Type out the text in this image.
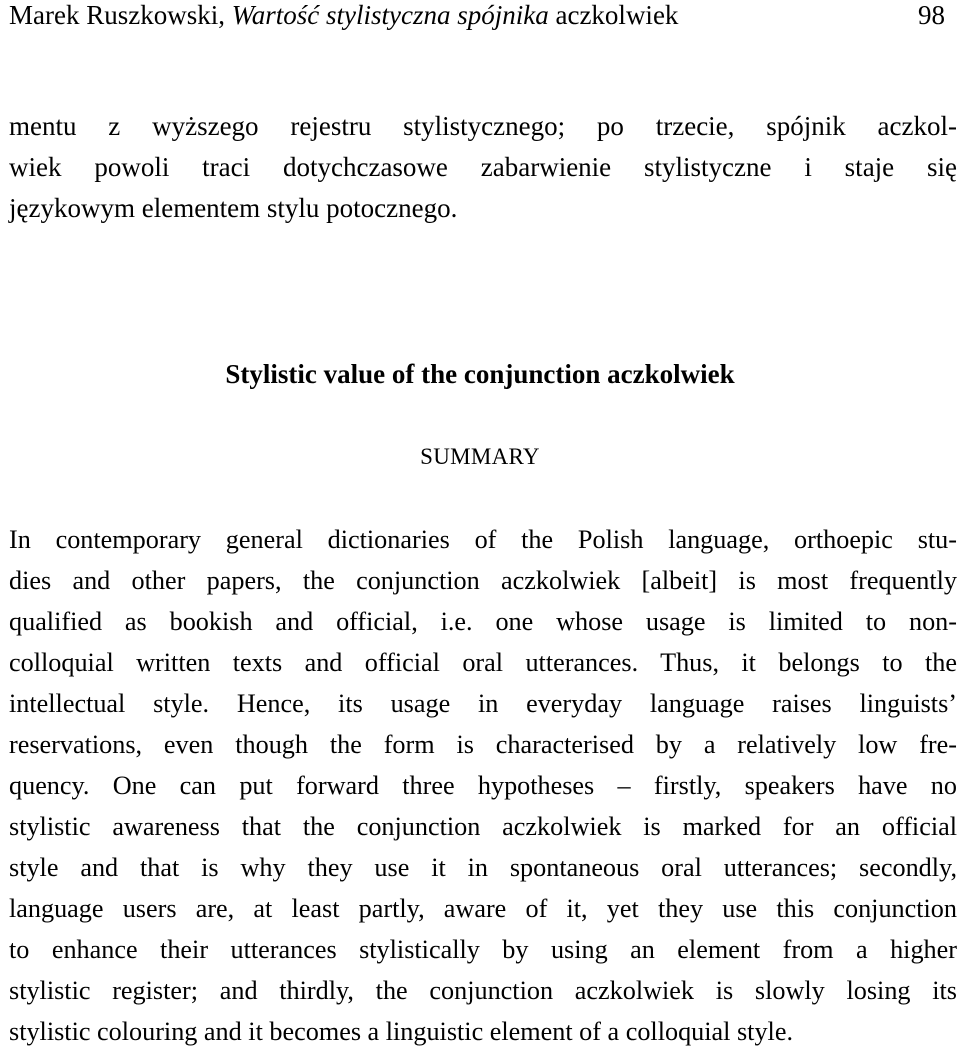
Marek Ruszkowski, Wartość stylistyczna spójnika aczkolwiek	98
mentu z wyższego rejestru stylistycznego; po trzecie, spójnik aczkol-
wiek powoli traci dotychczasowe zabarwienie stylistyczne i staje się
językowym elementem stylu potocznego.
Stylistic value of the conjunction aczkolwiek
SUMMARY
In contemporary general dictionaries of the Polish language, orthoepic stu-
dies and other papers, the conjunction aczkolwiek [albeit] is most frequently
qualified as bookish and official, i.e. one whose usage is limited to non-
colloquial written texts and official oral utterances. Thus, it belongs to the
intellectual style. Hence, its usage in everyday language raises linguists’
reservations, even though the form is characterised by a relatively low fre-
quency. One can put forward three hypotheses – firstly, speakers have no
stylistic awareness that the conjunction aczkolwiek is marked for an official
style and that is why they use it in spontaneous oral utterances; secondly,
language users are, at least partly, aware of it, yet they use this conjunction
to enhance their utterances stylistically by using an element from a higher
stylistic register; and thirdly, the conjunction aczkolwiek is slowly losing its
stylistic colouring and it becomes a linguistic element of a colloquial style.
